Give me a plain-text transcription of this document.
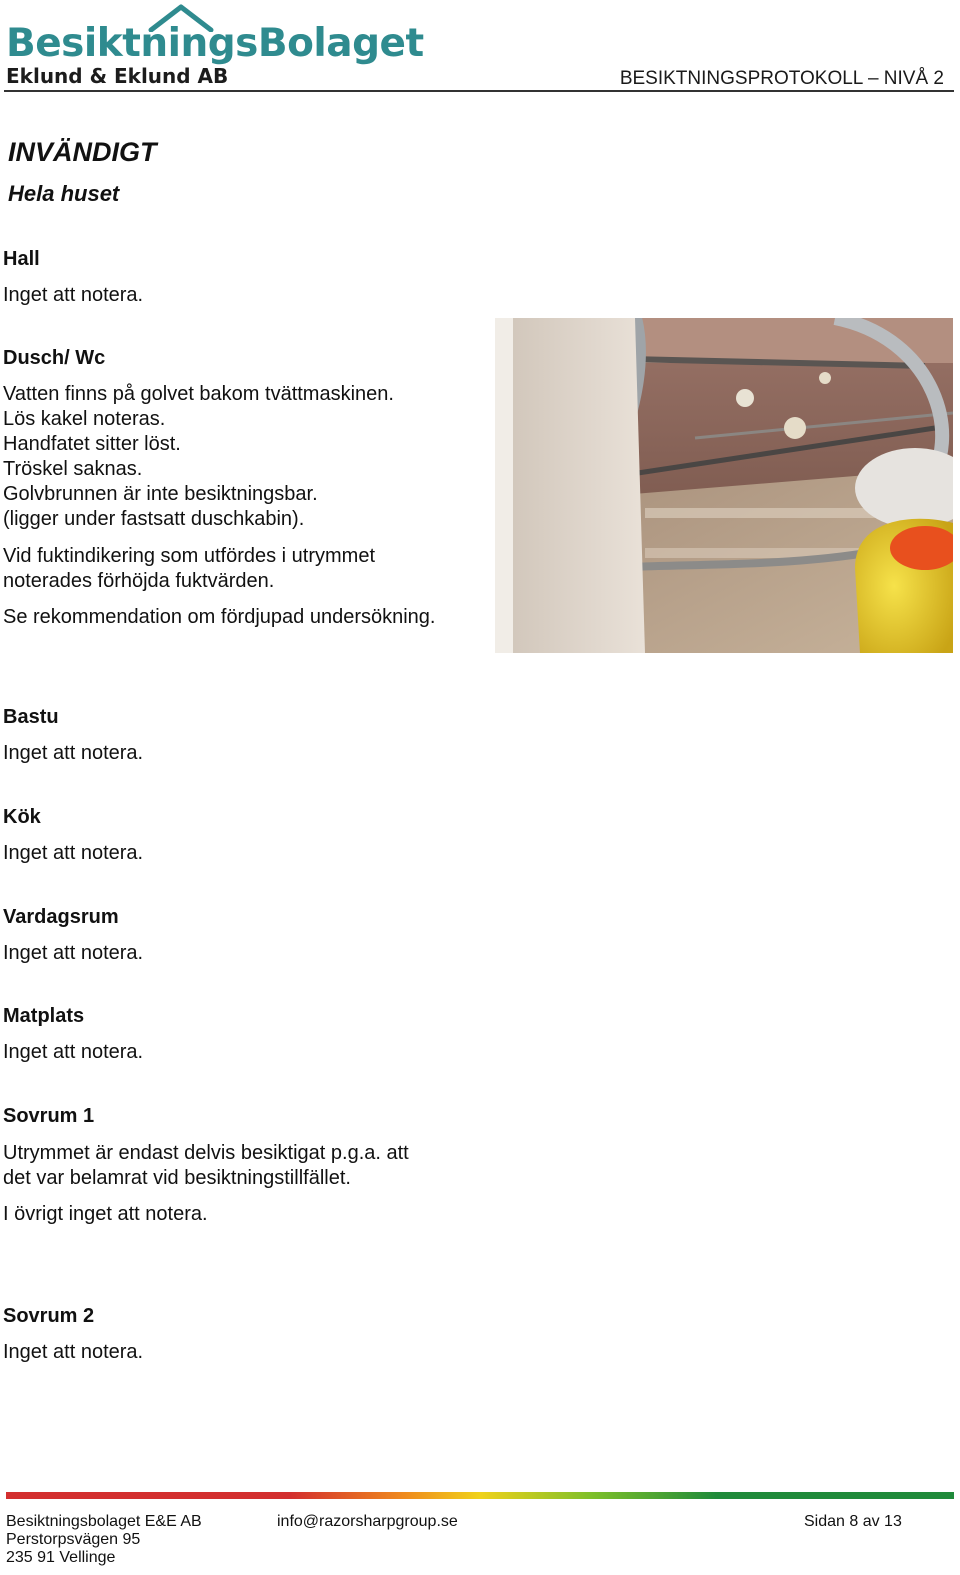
BesiktningsBolaget
Eklund & Eklund AB	BESIKTNINGSPROTOKOLL – NIVÅ 2
INVÄNDIGT
Hela huset
Hall
Inget att notera.
Dusch/ Wc
Vatten finns på golvet bakom tvättmaskinen.
Lös kakel noteras.
Handfatet sitter löst.
Tröskel saknas.
Golvbrunnen är inte besiktningsbar.
(ligger under fastsatt duschkabin).
Vid fuktindikering som utfördes i utrymmet
noterades förhöjda fuktvärden.
Se rekommendation om fördjupad undersökning.
Bastu
Inget att notera.
Kök
Inget att notera.
Vardagsrum
Inget att notera.
Matplats
Inget att notera.
Sovrum 1
Utrymmet är endast delvis besiktigat p.g.a. att
det var belamrat vid besiktningstillfället.
I övrigt inget att notera.
Sovrum 2
Inget att notera.
Besiktningsbolaget E&E AB
Perstorpsvägen 95
235 91 Vellinge
info@razorsharpgroup.se	Sidan 8 av 13
